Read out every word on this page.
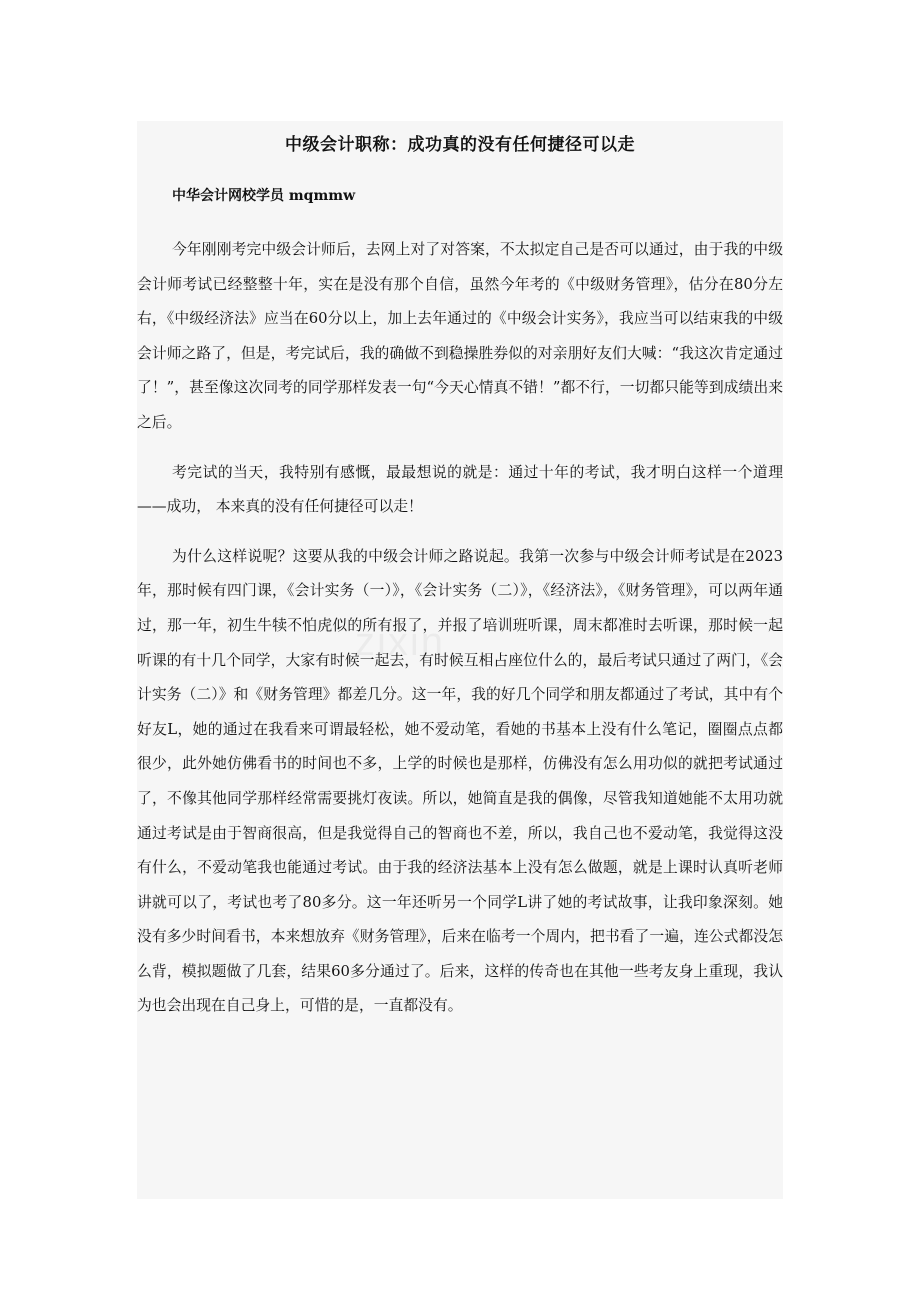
中级会计职称：成功真的没有任何捷径可以走
中华会计网校学员 mqmmw

今年刚刚考完中级会计师后，去网上对了对答案，不太拟定自己是否可以通过，由于我的中级会计师考试已经整整十年，实在是没有那个自信，虽然今年考的《中级财务管理》，估分在80分左右，《中级经济法》应当在60分以上，加上去年通过的《中级会计实务》，我应当可以结束我的中级会计师之路了，但是，考完试后，我的确做不到稳操胜券似的对亲朋好友们大喊：“我这次肯定通过了！”，甚至像这次同考的同学那样发表一句“今天心情真不错！”都不行，一切都只能等到成绩出来之后。

考完试的当天，我特别有感慨，最最想说的就是：通过十年的考试，我才明白这样一个道理——成功， 本来真的没有任何捷径可以走！

为什么这样说呢？这要从我的中级会计师之路说起。我第一次参与中级会计师考试是在2023年，那时候有四门课，《会计实务（一）》，《会计实务（二）》，《经济法》，《财务管理》，可以两年通过，那一年，初生牛犊不怕虎似的所有报了，并报了培训班听课，周末都准时去听课，那时候一起听课的有十几个同学，大家有时候一起去，有时候互相占座位什么的，最后考试只通过了两门，《会计实务（二）》和《财务管理》都差几分。这一年，我的好几个同学和朋友都通过了考试，其中有个好友L，她的通过在我看来可谓最轻松，她不爱动笔，看她的书基本上没有什么笔记，圈圈点点都很少，此外她仿佛看书的时间也不多，上学的时候也是那样，仿佛没有怎么用功似的就把考试通过了，不像其他同学那样经常需要挑灯夜读。所以，她简直是我的偶像，尽管我知道她能不太用功就通过考试是由于智商很高，但是我觉得自己的智商也不差，所以，我自己也不爱动笔，我觉得这没有什么，不爱动笔我也能通过考试。由于我的经济法基本上没有怎么做题，就是上课时认真听老师讲就可以了，考试也考了80多分。这一年还听另一个同学L讲了她的考试故事，让我印象深刻。她没有多少时间看书，本来想放弃《财务管理》，后来在临考一个周内，把书看了一遍，连公式都没怎么背，模拟题做了几套，结果60多分通过了。后来，这样的传奇也在其他一些考友身上重现，我认为也会出现在自己身上，可惜的是，一直都没有。
